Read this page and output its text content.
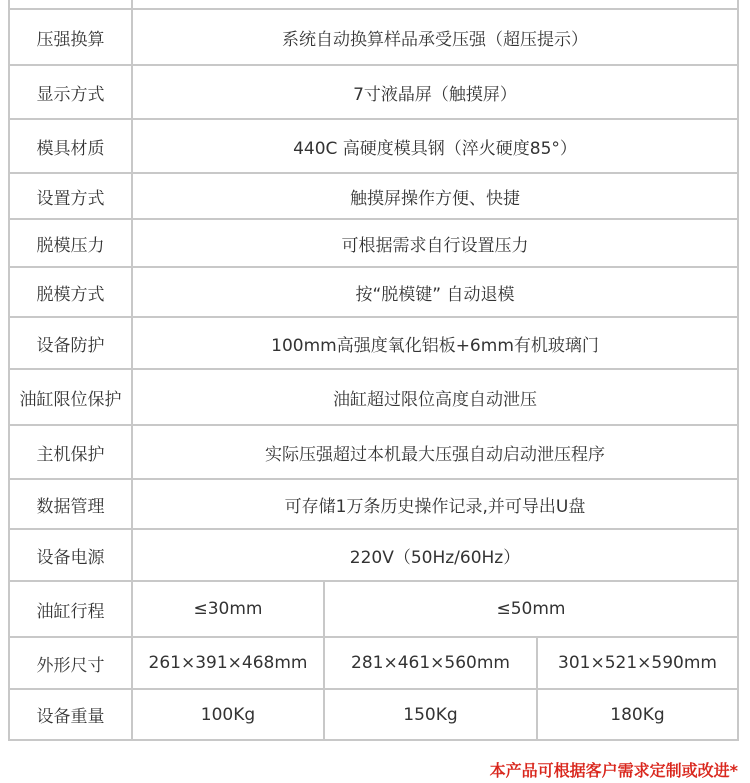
压强换算	系统自动换算样品承受压强（超压提示）
显示方式	7寸液晶屏（触摸屏）
模具材质	440C 高硬度模具钢（淬火硬度85°）
设置方式	触摸屏操作方便、快捷
脱模压力	可根据需求自行设置压力
脱模方式	按“脱模键” 自动退模
设备防护	100mm高强度氧化铝板+6mm有机玻璃门
油缸限位保护	油缸超过限位高度自动泄压
主机保护	实际压强超过本机最大压强自动启动泄压程序
数据管理	可存储1万条历史操作记录,并可导出U盘
设备电源	220V（50Hz/60Hz）
油缸行程	≤30mm	≤50mm
外形尺寸	261×391×468mm	281×461×560mm	301×521×590mm
设备重量	100Kg	150Kg	180Kg
本产品可根据客户需求定制或改进*
